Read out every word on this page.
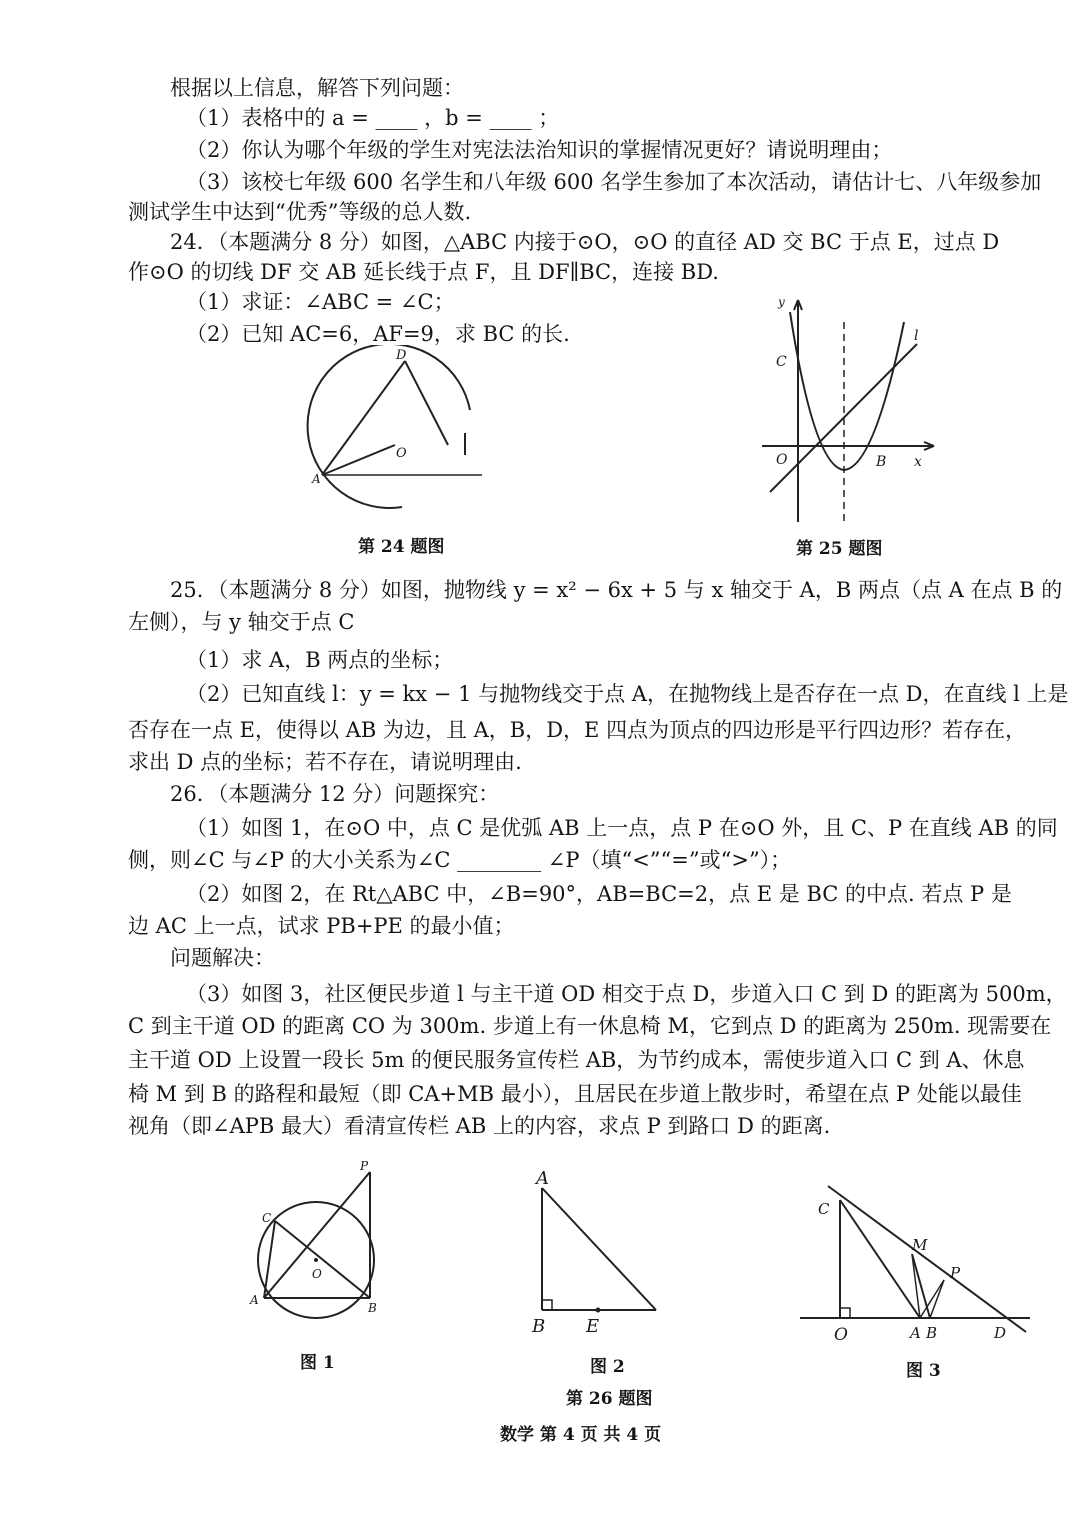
根据以上信息，解答下列问题：
（1）表格中的 a = ____ ，b = ____ ；
（2）你认为哪个年级的学生对宪法法治知识的掌握情况更好？请说明理由；
（3）该校七年级 600 名学生和八年级 600 名学生参加了本次活动，请估计七、八年级参加
测试学生中达到“优秀”等级的总人数.
24．（本题满分 8 分）如图，△ABC 内接于⊙O，⊙O 的直径 AD 交 BC 于点 E，过点 D
作⊙O 的切线 DF 交 AB 延长线于点 F，且 DF∥BC，连接 BD.
（1）求证：∠ABC = ∠C；
（2）已知 AC=6，AF=9，求 BC 的长.
D
A
O
第 24 题图
y
l
C
O	B x
第 25 题图
25．（本题满分 8 分）如图，抛物线 y = x² − 6x + 5 与 x 轴交于 A，B 两点（点 A 在点 B 的
左侧），与 y 轴交于点 C
（1）求 A，B 两点的坐标；
（2）已知直线 l：y = kx − 1 与抛物线交于点 A，在抛物线上是否存在一点 D，在直线 l 上是
否存在一点 E，使得以 AB 为边，且 A，B，D，E 四点为顶点的四边形是平行四边形？若存在，
求出 D 点的坐标；若不存在，请说明理由.
26．（本题满分 12 分）问题探究：
（1）如图 1，在⊙O 中，点 C 是优弧 AB 上一点，点 P 在⊙O 外，且 C、P 在直线 AB 的同
侧，则∠C 与∠P 的大小关系为∠C ________ ∠P（填“<”“=”或“>”）；
（2）如图 2，在 Rt△ABC 中，∠B=90°，AB=BC=2，点 E 是 BC 的中点. 若点 P 是
边 AC 上一点，试求 PB+PE 的最小值；
问题解决：
（3）如图 3，社区便民步道 l 与主干道 OD 相交于点 D，步道入口 C 到 D 的距离为 500m，
C 到主干道 OD 的距离 CO 为 300m. 步道上有一休息椅 M，它到点 D 的距离为 250m. 现需要在
主干道 OD 上设置一段长 5m 的便民服务宣传栏 AB，为节约成本，需使步道入口 C 到 A、休息
椅 M 到 B 的路程和最短（即 CA+MB 最小），且居民在步道上散步时，希望在点 P 处能以最佳
视角（即∠APB 最大）看清宣传栏 AB 上的内容，求点 P 到路口 D 的距离.
P
C
O
A
B
图 1
A
B E
图 2
C
M
P
O	A B	D
图 3
第 26 题图
数学 第 4 页 共 4 页
